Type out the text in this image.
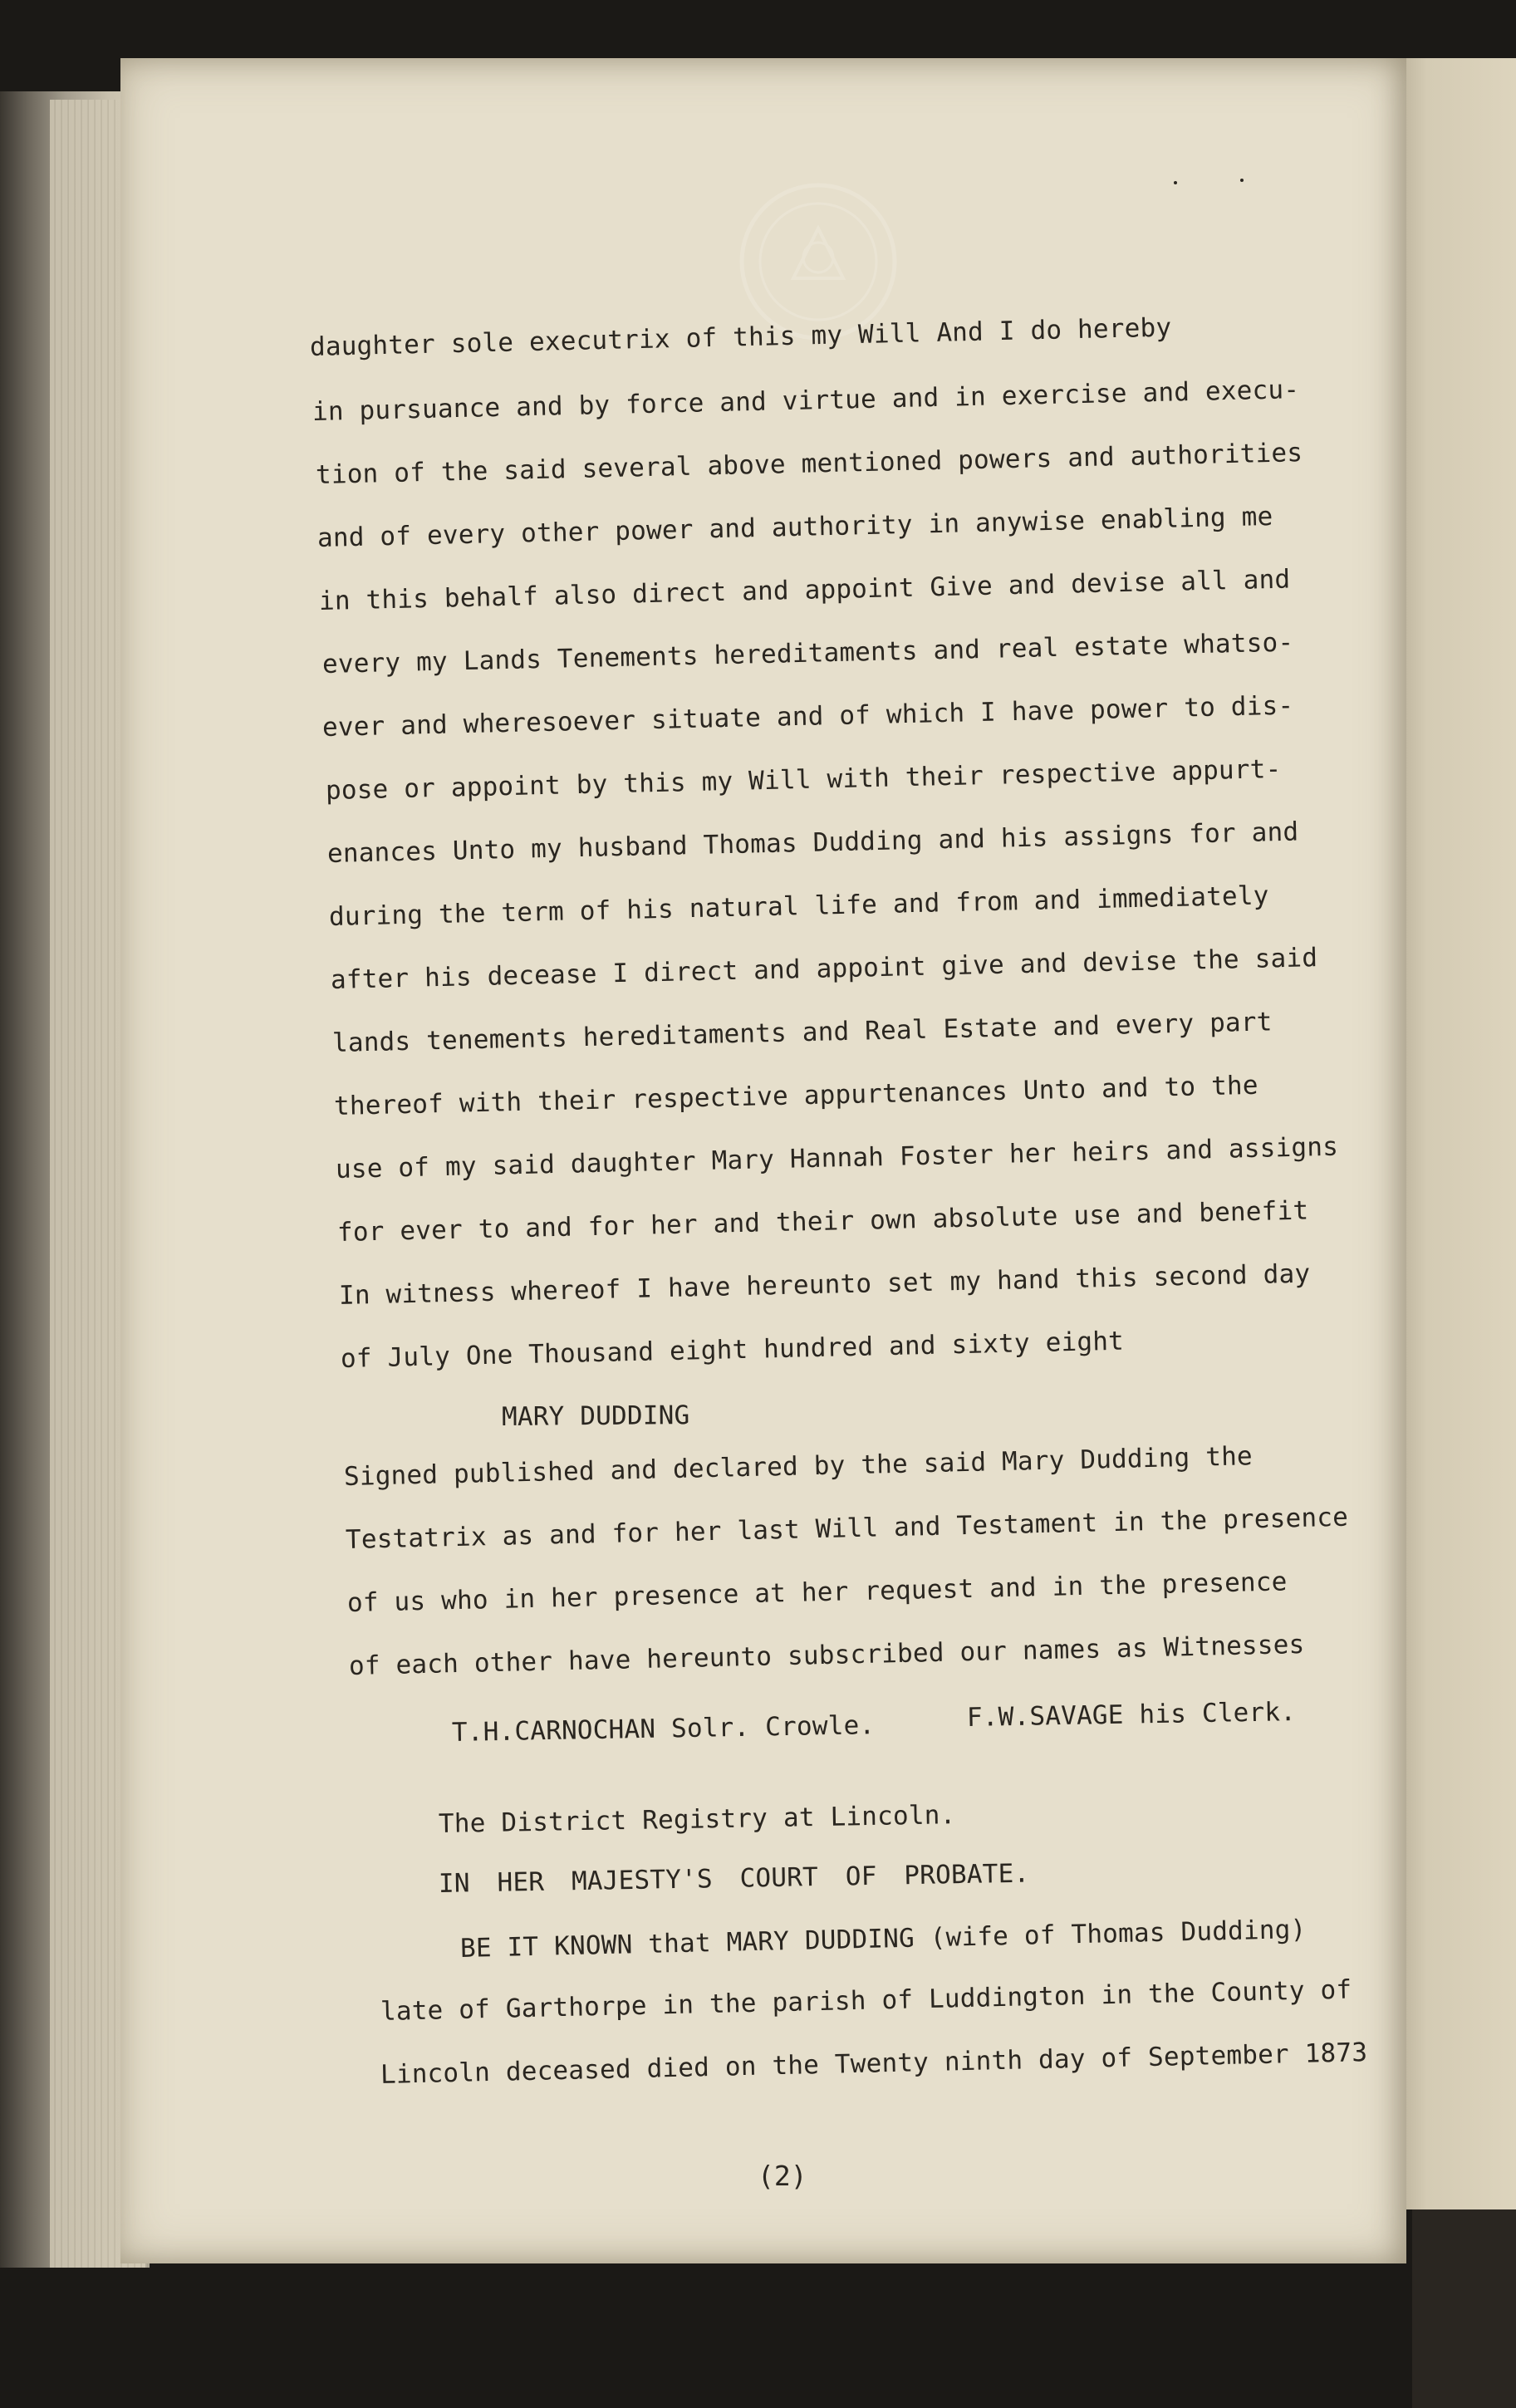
daughter sole executrix of this my Will And I do hereby
in pursuance and by force and virtue and in exercise and execu-
tion of the said several above mentioned powers and authorities
and of every other power and authority in anywise enabling me
in this behalf also direct and appoint Give and devise all and
every my Lands Tenements hereditaments and real estate whatso-
ever and wheresoever situate and of which I have power to dis-
pose or appoint by this my Will with their respective appurt-
enances Unto my husband Thomas Dudding and his assigns for and
during the term of his natural life and from and immediately
after his decease I direct and appoint give and devise the said
lands tenements hereditaments and Real Estate and every part
thereof with their respective appurtenances Unto and to the
use of my said daughter Mary Hannah Foster her heirs and assigns
for ever to and for her and their own absolute use and benefit
In witness whereof I have hereunto set my hand this second day
of July One Thousand eight hundred and sixty eight
MARY DUDDING
Signed published and declared by the said Mary Dudding the
Testatrix as and for her last Will and Testament in the presence
of us who in her presence at her request and in the presence
of each other have hereunto subscribed our names as Witnesses
T.H.CARNOCHAN Solr. Crowle.	F.W.SAVAGE his Clerk.
The District Registry at Lincoln.
IN HER MAJESTY'S COURT OF PROBATE.
BE IT KNOWN that MARY DUDDING (wife of Thomas Dudding)
late of Garthorpe in the parish of Luddington in the County of
Lincoln deceased died on the Twenty ninth day of September 1873
(2)
